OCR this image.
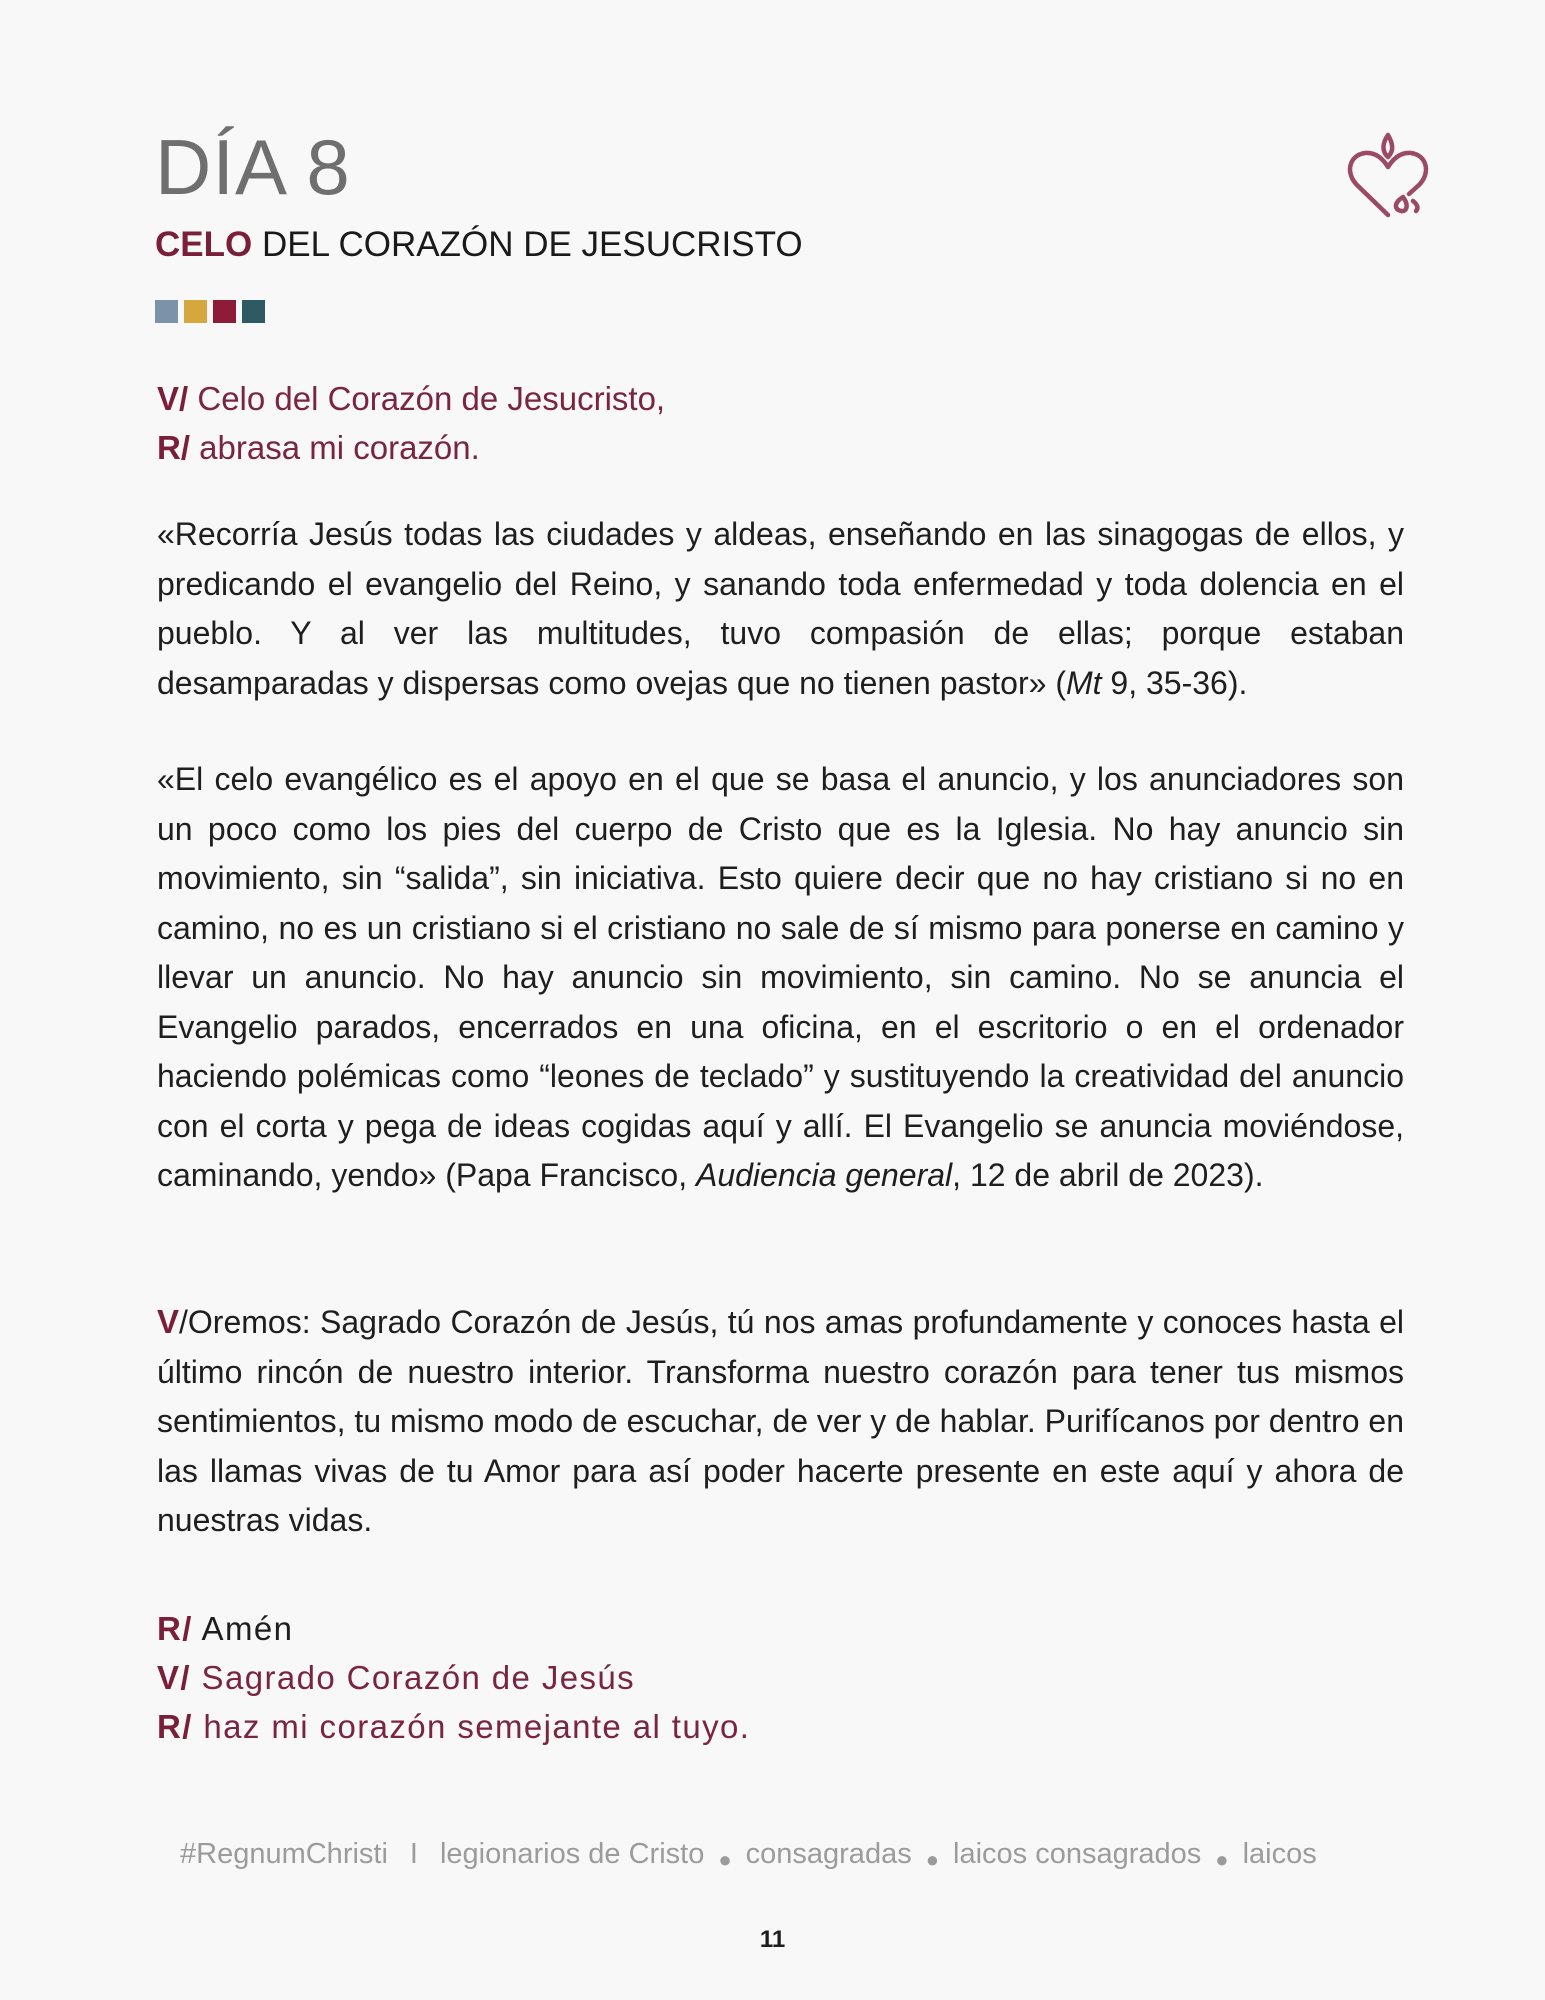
DÍA 8
CELO DEL CORAZÓN DE JESUCRISTO
V/ Celo del Corazón de Jesucristo,
R/ abrasa mi corazón.

«Recorría Jesús todas las ciudades y aldeas, enseñando en las sinagogas de ellos, y predicando el evangelio del Reino, y sanando toda enfermedad y toda dolencia en el pueblo. Y al ver las multitudes, tuvo compasión de ellas; porque estaban desamparadas y dispersas como ovejas que no tienen pastor» (Mt 9, 35-36).

«El celo evangélico es el apoyo en el que se basa el anuncio, y los anunciadores son un poco como los pies del cuerpo de Cristo que es la Iglesia. No hay anuncio sin movimiento, sin “salida”, sin iniciativa. Esto quiere decir que no hay cristiano si no en camino, no es un cristiano si el cristiano no sale de sí mismo para ponerse en camino y llevar un anuncio. No hay anuncio sin movimiento, sin camino. No se anuncia el Evangelio parados, encerrados en una oficina, en el escritorio o en el ordenador haciendo polémicas como “leones de teclado” y sustituyendo la creatividad del anuncio con el corta y pega de ideas cogidas aquí y allí. El Evangelio se anuncia moviéndose, caminando, yendo» (Papa Francisco, Audiencia general, 12 de abril de 2023).

V/Oremos: Sagrado Corazón de Jesús, tú nos amas profundamente y conoces hasta el último rincón de nuestro interior. Transforma nuestro corazón para tener tus mismos sentimientos, tu mismo modo de escuchar, de ver y de hablar. Purifícanos por dentro en las llamas vivas de tu Amor para así poder hacerte presente en este aquí y ahora de nuestras vidas.

R/ Amén
V/ Sagrado Corazón de Jesús
R/ haz mi corazón semejante al tuyo.
#RegnumChristi I legionarios de Cristo ● consagradas ● laicos consagrados ● laicos
11
